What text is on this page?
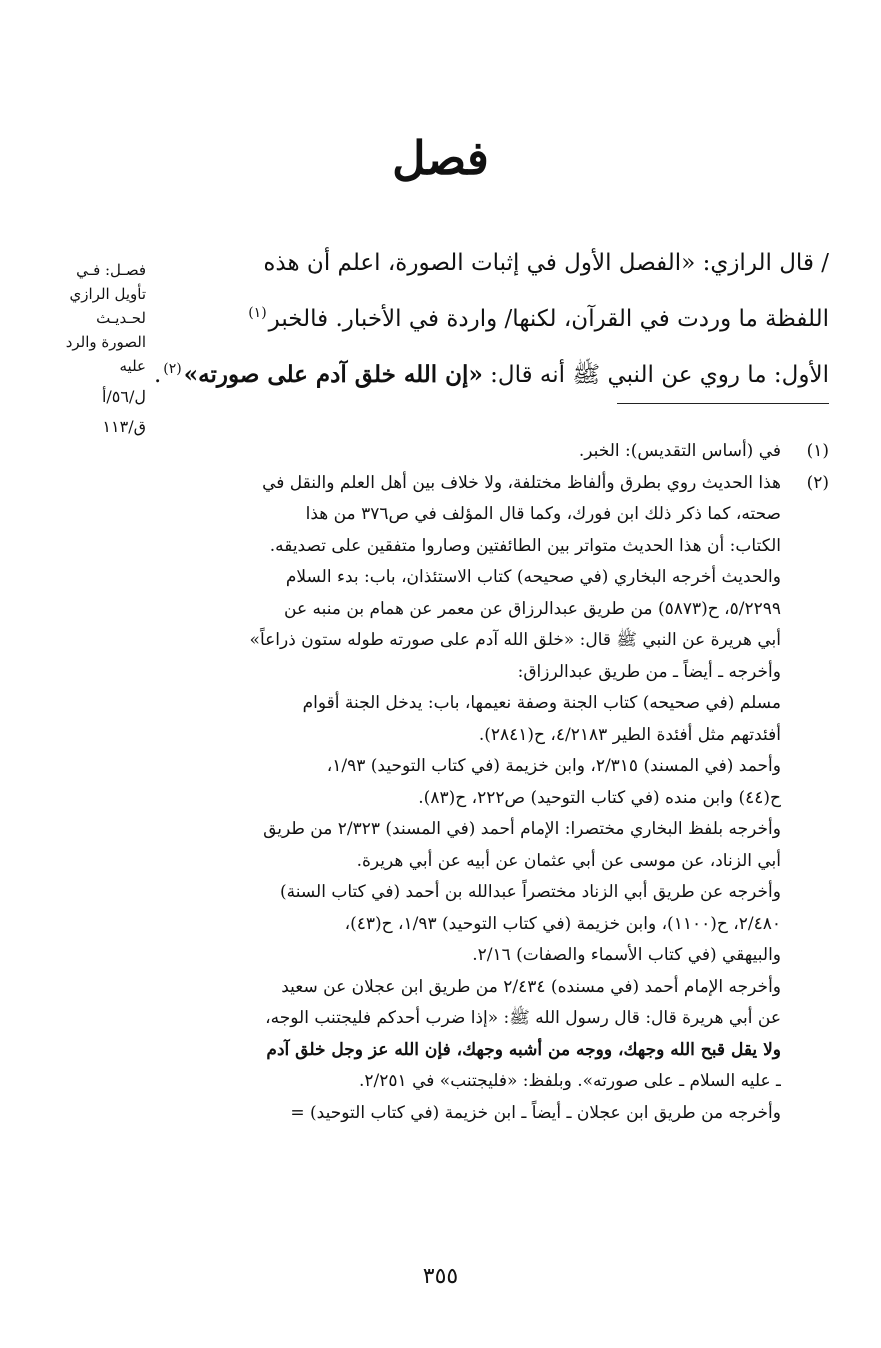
فصل
/ قال الرازي: «الفصل الأول في إثبات الصورة، اعلم أن هذه
اللفظة ما وردت في القرآن، لكنها/ واردة في الأخبار. فالخبر$^{(١)}$
الأول: ما روي عن النبي ﷺ أنه قال: «إن الله خلق آدم على صورته»$^{(٢)}$.
فصـل: فـي
تأويل الرازي
لحـديـث
الصورة والرد
عليه
ل/٥٦/أ
ق/١١٣
(١)
في (أساس التقديس): الخبر.
(٢)
هذا الحديث روي بطرق وألفاظ مختلفة، ولا خلاف بين أهل العلم والنقل في
صحته، كما ذكر ذلك ابن فورك، وكما قال المؤلف في ص٣٧٦ من هذا
الكتاب: أن هذا الحديث متواتر بين الطائفتين وصاروا متفقين على تصديقه.
والحديث أخرجه البخاري (في صحيحه) كتاب الاستئذان، باب: بدء السلام
٥/٢٢٩٩، ح(٥٨٧٣) من طريق عبدالرزاق عن معمر عن همام بن منبه عن
أبي هريرة عن النبي ﷺ قال: «خلق الله آدم على صورته طوله ستون ذراعاً»
وأخرجه ـ أيضاً ـ من طريق عبدالرزاق:
مسلم (في صحيحه) كتاب الجنة وصفة نعيمها، باب: يدخل الجنة أقوام
أفئدتهم مثل أفئدة الطير ٤/٢١٨٣، ح(٢٨٤١).
وأحمد (في المسند) ٢/٣١٥، وابن خزيمة (في كتاب التوحيد) ١/٩٣،
ح(٤٤) وابن منده (في كتاب التوحيد) ص٢٢٢، ح(٨٣).
وأخرجه بلفظ البخاري مختصرا: الإمام أحمد (في المسند) ٢/٣٢٣ من طريق
أبي الزناد، عن موسى عن أبي عثمان عن أبيه عن أبي هريرة.
وأخرجه عن طريق أبي الزناد مختصراً عبدالله بن أحمد (في كتاب السنة)
٢/٤٨٠، ح(١١٠٠)، وابن خزيمة (في كتاب التوحيد) ١/٩٣، ح(٤٣)،
والبيهقي (في كتاب الأسماء والصفات) ٢/١٦.
وأخرجه الإمام أحمد (في مسنده) ٢/٤٣٤ من طريق ابن عجلان عن سعيد
عن أبي هريرة قال: قال رسول الله ﷺ: «إذا ضرب أحدكم فليجتنب الوجه،
ولا يقل قبح الله وجهك، ووجه من أشبه وجهك، فإن الله عز وجل خلق آدم
ـ عليه السلام ـ على صورته». وبلفظ: «فليجتنب» في ٢/٢٥١.
وأخرجه من طريق ابن عجلان ـ أيضاً ـ ابن خزيمة (في كتاب التوحيد) =
٣٥٥
